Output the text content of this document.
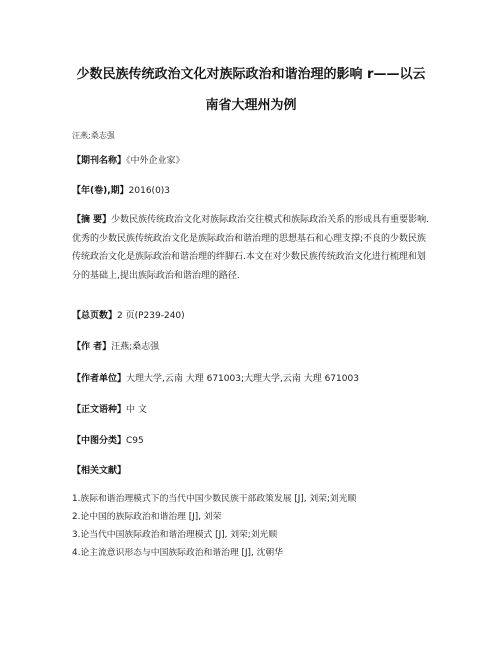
少数民族传统政治文化对族际政治和谐治理的影响 r——以云
南省大理州为例
汪燕;桑志强
【期刊名称】《中外企业家》
【年(卷),期】2016(0)3
【摘 要】少数民族传统政治文化对族际政治交往模式和族际政治关系的形成具有重要影响.优秀的少数民族传统政治文化是族际政治和谐治理的思想基石和心理支撑;不良的少数民族传统政治文化是族际政治和谐治理的绊脚石.本文在对少数民族传统政治文化进行梳理和划分的基础上,提出族际政治和谐治理的路径.
【总页数】2 页(P239-240)
【作 者】汪燕;桑志强
【作者单位】大理大学,云南 大理 671003;大理大学,云南 大理 671003
【正文语种】中 文
【中图分类】C95
【相关文献】
1.族际和谐治理模式下的当代中国少数民族干部政策发展 [J], 刘荣;刘光顺
2.论中国的族际政治和谐治理 [J], 刘荣
3.论当代中国族际政治和谐治理模式 [J], 刘荣;刘光顺
4.论主流意识形态与中国族际政治和谐治理 [J], 沈朝华
